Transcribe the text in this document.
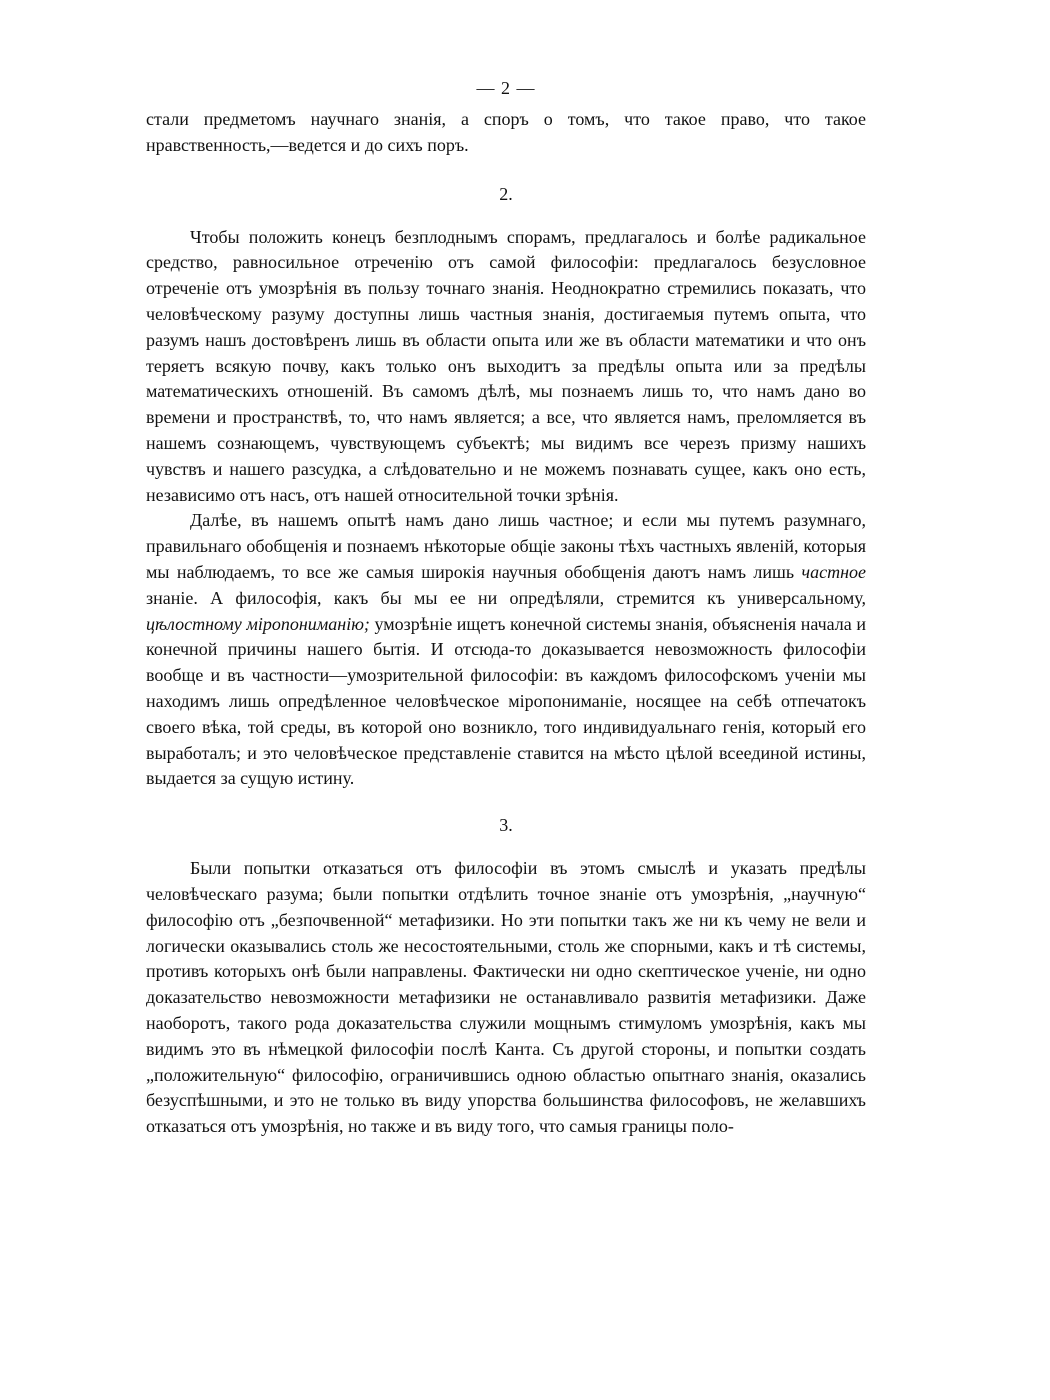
— 2 —

стали предметомъ научнаго знанія, а споръ о томъ, что такое право, что такое нравственность,—ведется и до сихъ поръ.

2.

Чтобы положить конецъ безплоднымъ спорамъ, предлагалось и болѣе радикальное средство, равносильное отреченію отъ самой философіи: предлагалось безусловное отреченіе отъ умозрѣнія въ пользу точнаго знанія. Неоднократно стремились показать, что человѣческому разуму доступны лишь частныя знанія, достигаемыя путемъ опыта, что разумъ нашъ достовѣренъ лишь въ области опыта или же въ области математики и что онъ теряетъ всякую почву, какъ только онъ выходитъ за предѣлы опыта или за предѣлы математическихъ отношеній. Въ самомъ дѣлѣ, мы познаемъ лишь то, что намъ дано во времени и пространствѣ, то, что намъ является; а все, что является намъ, преломляется въ нашемъ сознающемъ, чувствующемъ субъектѣ; мы видимъ все черезъ призму нашихъ чувствъ и нашего разсудка, а слѣдовательно и не можемъ познавать сущее, какъ оно есть, независимо отъ насъ, отъ нашей относительной точки зрѣнія.

Далѣе, въ нашемъ опытѣ намъ дано лишь частное; и если мы путемъ разумнаго, правильнаго обобщенія и познаемъ нѣкоторые общіе законы тѣхъ частныхъ явленій, которыя мы наблюдаемъ, то все же самыя широкія научныя обобщенія даютъ намъ лишь частное знаніе. А философія, какъ бы мы ее ни опредѣляли, стремится къ универсальному, цѣлостному міропониманію; умозрѣніе ищетъ конечной системы знанія, объясненія начала и конечной причины нашего бытія. И отсюда-то доказывается невозможность философіи вообще и въ частности—умозрительной философіи: въ каждомъ философскомъ ученіи мы находимъ лишь опредѣленное человѣческое міропониманіе, носящее на себѣ отпечатокъ своего вѣка, той среды, въ которой оно возникло, того индивидуальнаго генія, который его выработалъ; и это человѣческое представленіе ставится на мѣсто цѣлой всеединой истины, выдается за сущую истину.

3.

Были попытки отказаться отъ философіи въ этомъ смыслѣ и указать предѣлы человѣческаго разума; были попытки отдѣлить точное знаніе отъ умозрѣнія, „научную“ философію отъ „безпочвенной“ метафизики. Но эти попытки такъ же ни къ чему не вели и логически оказывались столь же несостоятельными, столь же спорными, какъ и тѣ системы, противъ которыхъ онѣ были направлены. Фактически ни одно скептическое ученіе, ни одно доказательство невозможности метафизики не останавливало развитія метафизики. Даже наоборотъ, такого рода доказательства служили мощнымъ стимуломъ умозрѣнія, какъ мы видимъ это въ нѣмецкой философіи послѣ Канта. Съ другой стороны, и попытки создать „положительную“ философію, ограничившись одною областью опытнаго знанія, оказались безуспѣшными, и это не только въ виду упорства большинства философовъ, не желавшихъ отказаться отъ умозрѣнія, но также и въ виду того, что самыя границы поло-
